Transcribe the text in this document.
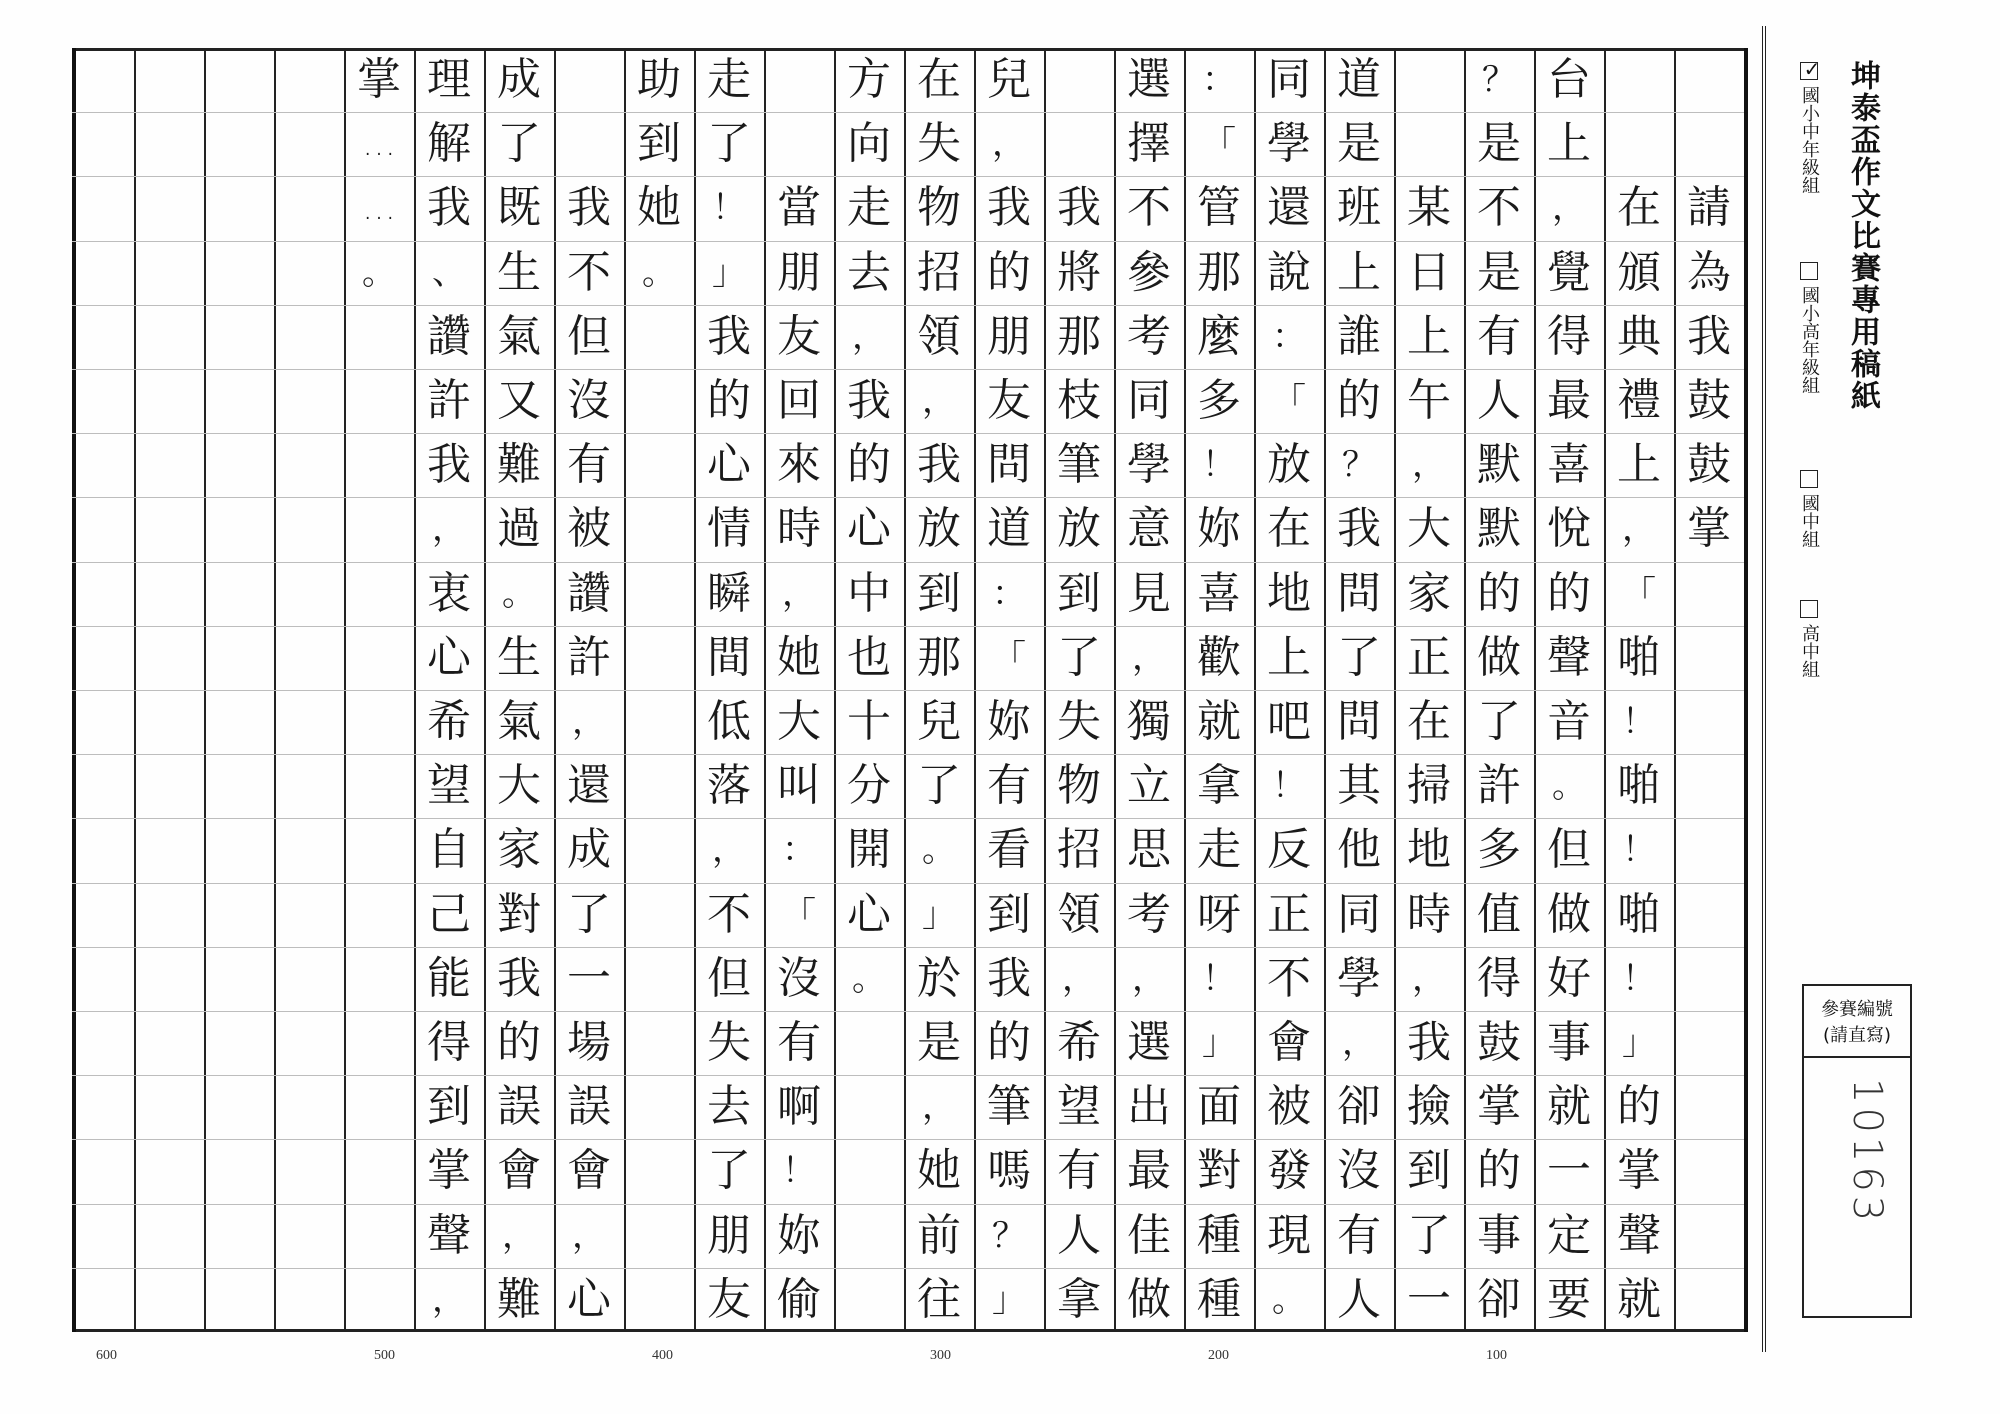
請
為
我
鼓
鼓
掌

在
頒
典
禮
上
，
「
啪
！
啪
！
啪
！
」
的
掌
聲
就
台
上
，
覺
得
最
喜
悅
的
聲
音
。
但
做
好
事
就
一
定
要
？
是
不
是
有
人
默
默
的
做
了
許
多
值
得
鼓
掌
的
事
卻

某
日
上
午
，
大
家
正
在
掃
地
時
，
我
撿
到
了
一
道
是
班
上
誰
的
？
我
問
了
問
其
他
同
學
，
卻
沒
有
人
同
學
還
說
：
「
放
在
地
上
吧
！
反
正
不
會
被
發
現
。
：
「
管
那
麼
多
！
妳
喜
歡
就
拿
走
呀
！
」
面
對
種
種
選
擇
不
參
考
同
學
意
見
，
獨
立
思
考
，
選
出
最
佳
做

我
將
那
枝
筆
放
到
了
失
物
招
領
，
希
望
有
人
拿
兒
，
我
的
朋
友
問
道
：
「
妳
有
看
到
我
的
筆
嗎
？
」
在
失
物
招
領
，
我
放
到
那
兒
了
。
」
於
是
，
她
前
往
方
向
走
去
，
我
的
心
中
也
十
分
開
心
。

當
朋
友
回
來
時
，
她
大
叫
：
「
沒
有
啊
！
妳
偷
走
了
！
」
我
的
心
情
瞬
間
低
落
，
不
但
失
去
了
朋
友
助
到
她
。

我
不
但
沒
有
被
讚
許
，
還
成
了
一
場
誤
會
，
心
成
了
既
生
氣
又
難
過
。
生
氣
大
家
對
我
的
誤
會
，
難
理
解
我
、
讚
許
我
，
衷
心
希
望
自
己
能
得
到
掌
聲
，
掌
…
…
。
600	500	400	300	200	100
坤泰盃作文比賽專用稿紙
✓國小中年級組
國小高年級組
國中組
高中組
參賽編號
(請直寫)
10163
